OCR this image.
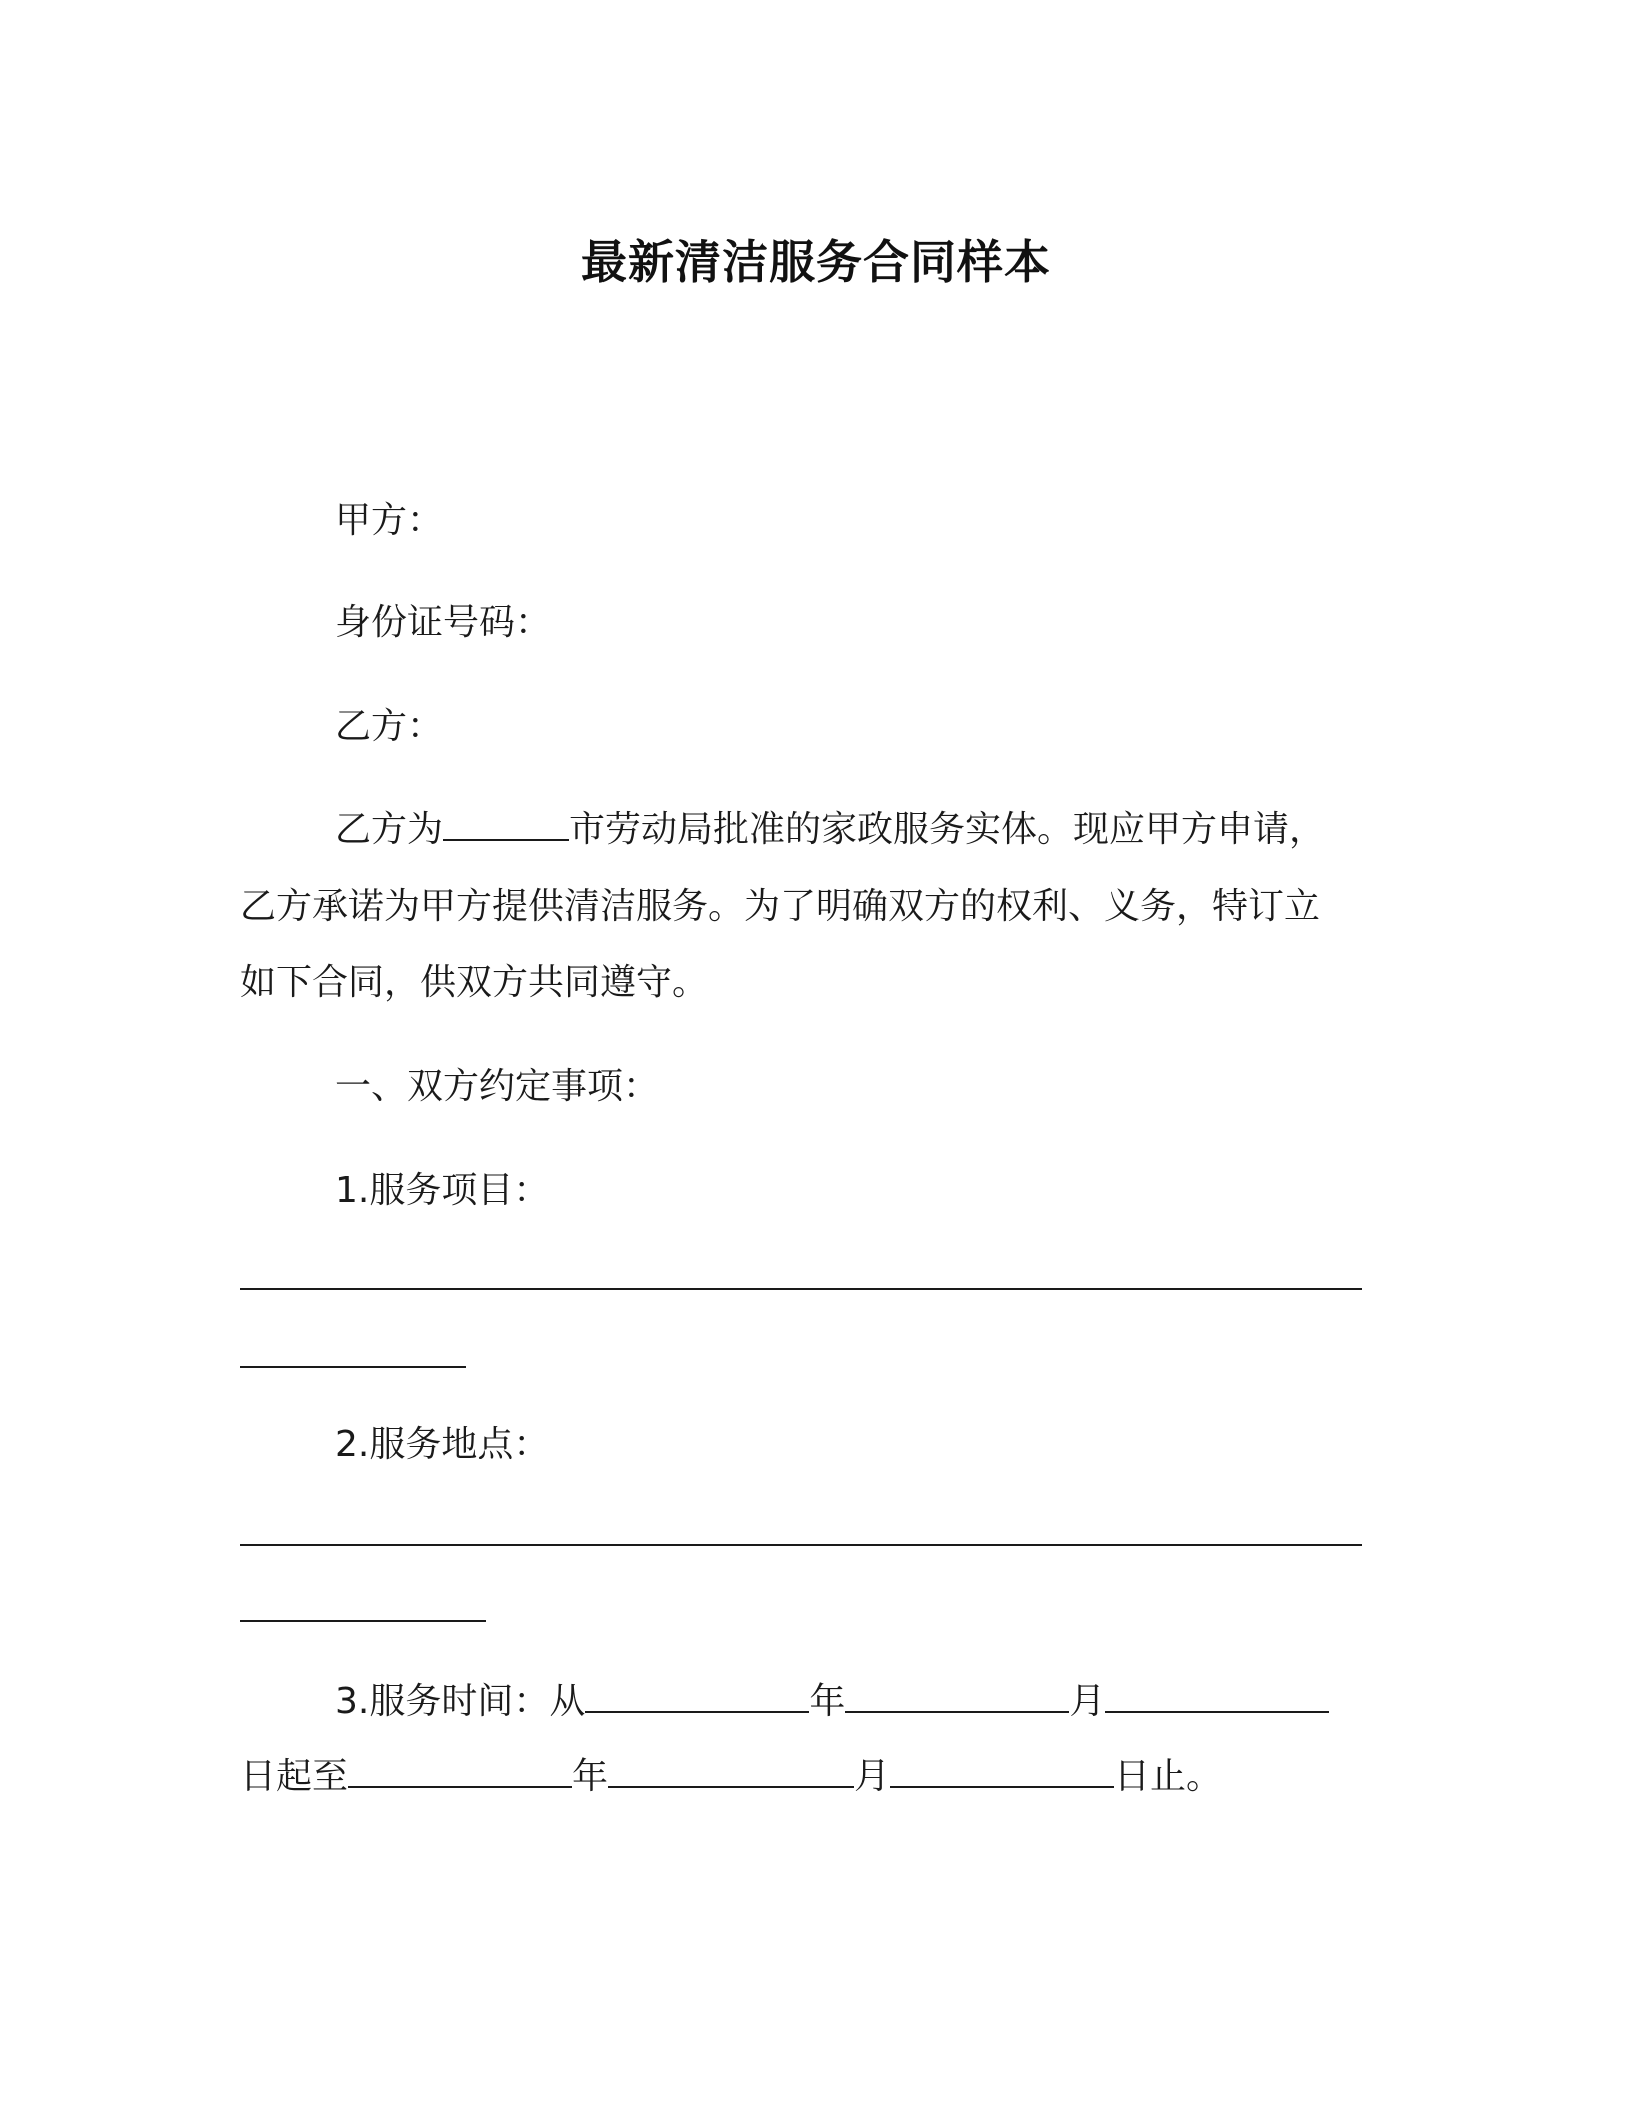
最新清洁服务合同样本
甲方：
身份证号码：
乙方：
乙方为	市劳动局批准的家政服务实体。现应甲方申请，
乙方承诺为甲方提供清洁服务。为了明确双方的权利、义务，特订立
如下合同，供双方共同遵守。
一、双方约定事项：
1.服务项目：
2.服务地点：
3.服务时间：从	年	月
日起至	年	月	日止。
